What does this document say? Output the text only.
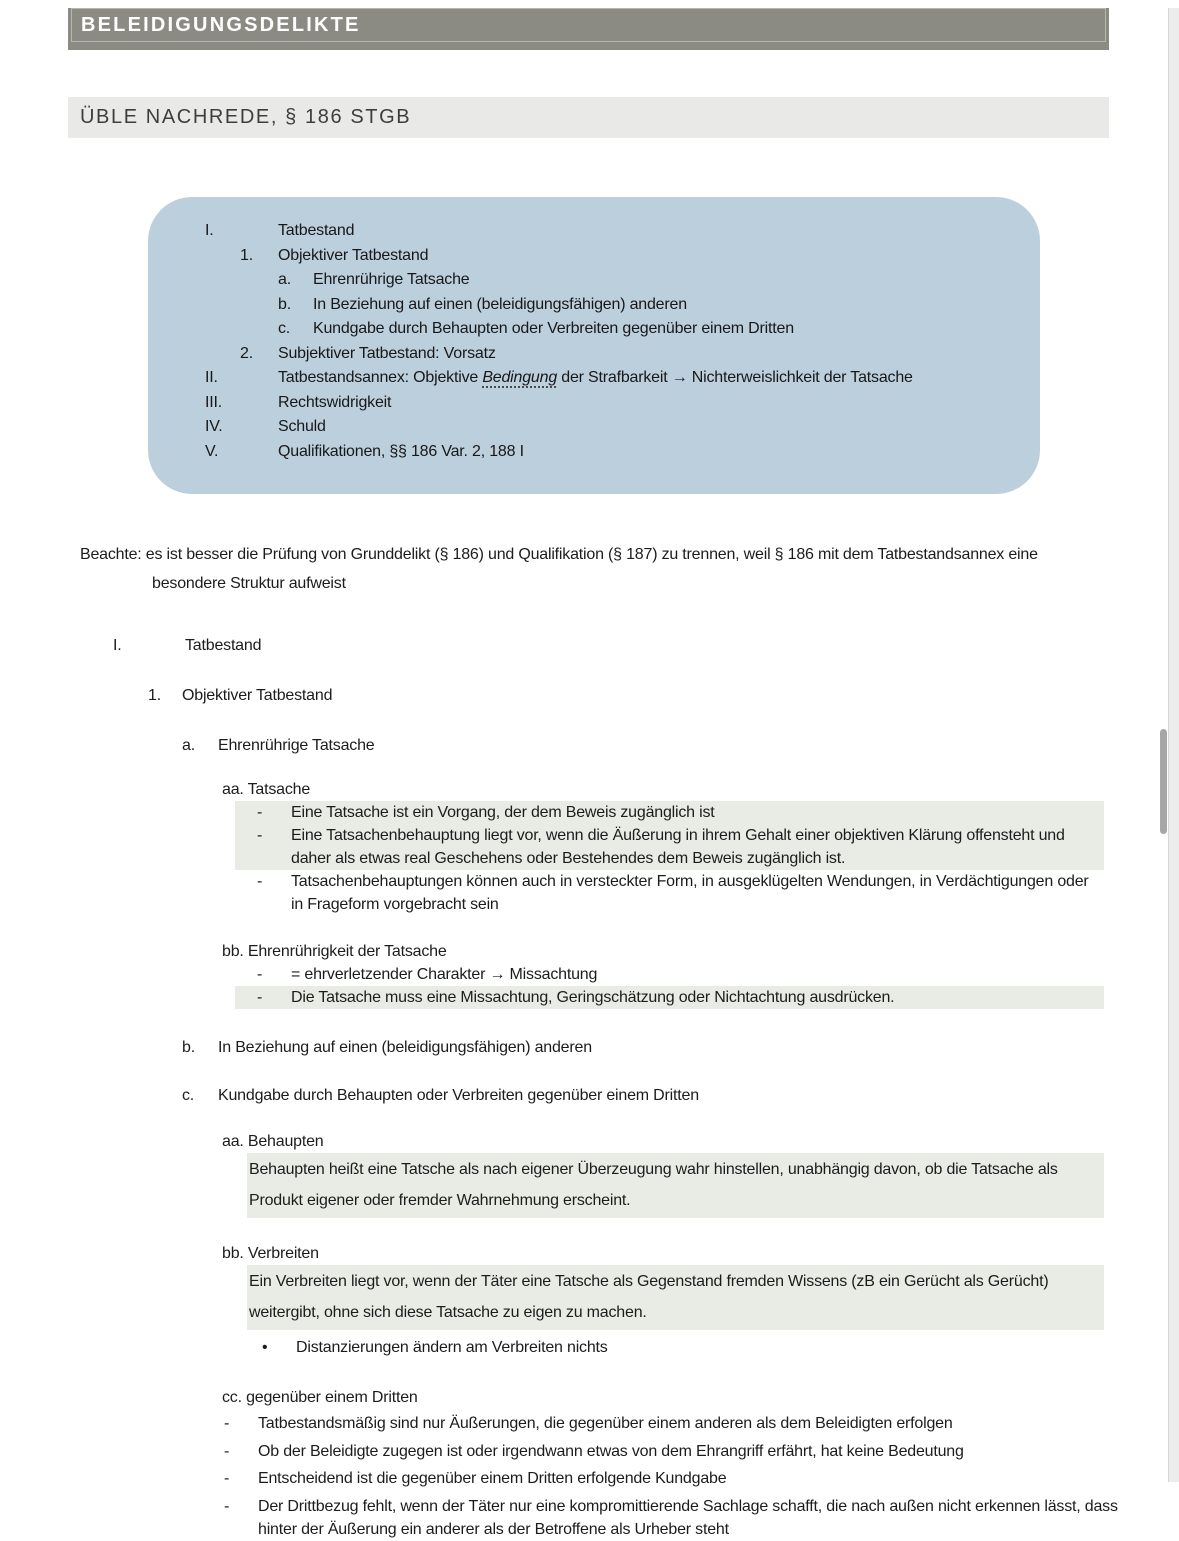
BELEIDIGUNGSDELIKTE
ÜBLE NACHREDE, § 186 STGB
I.	Tatbestand
1.	Objektiver Tatbestand
a.	Ehrenrührige Tatsache
b.	In Beziehung auf einen (beleidigungsfähigen) anderen
c.	Kundgabe durch Behaupten oder Verbreiten gegenüber einem Dritten
2.	Subjektiver Tatbestand: Vorsatz
II.	Tatbestandsannex: Objektive Bedingung der Strafbarkeit → Nichterweislichkeit der Tatsache
III.	Rechtswidrigkeit
IV.	Schuld
V.	Qualifikationen, §§ 186 Var. 2, 188 I

Beachte: es ist besser die Prüfung von Grunddelikt (§ 186) und Qualifikation (§ 187) zu trennen, weil § 186 mit dem Tatbestandsannex eine besondere Struktur aufweist

I.	Tatbestand
1.	Objektiver Tatbestand
a.	Ehrenrührige Tatsache
aa. Tatsache
-	Eine Tatsache ist ein Vorgang, der dem Beweis zugänglich ist
-	Eine Tatsachenbehauptung liegt vor, wenn die Äußerung in ihrem Gehalt einer objektiven Klärung offensteht und daher als etwas real Geschehens oder Bestehendes dem Beweis zugänglich ist.
-	Tatsachenbehauptungen können auch in versteckter Form, in ausgeklügelten Wendungen, in Verdächtigungen oder in Frageform vorgebracht sein
bb. Ehrenrührigkeit der Tatsache
-	= ehrverletzender Charakter → Missachtung
-	Die Tatsache muss eine Missachtung, Geringschätzung oder Nichtachtung ausdrücken.
b.	In Beziehung auf einen (beleidigungsfähigen) anderen
c.	Kundgabe durch Behaupten oder Verbreiten gegenüber einem Dritten
aa. Behaupten
Behaupten heißt eine Tatsche als nach eigener Überzeugung wahr hinstellen, unabhängig davon, ob die Tatsache als Produkt eigener oder fremder Wahrnehmung erscheint.
bb. Verbreiten
Ein Verbreiten liegt vor, wenn der Täter eine Tatsche als Gegenstand fremden Wissens (zB ein Gerücht als Gerücht) weitergibt, ohne sich diese Tatsache zu eigen zu machen.
•	Distanzierungen ändern am Verbreiten nichts
cc. gegenüber einem Dritten
-	Tatbestandsmäßig sind nur Äußerungen, die gegenüber einem anderen als dem Beleidigten erfolgen
-	Ob der Beleidigte zugegen ist oder irgendwann etwas von dem Ehrangriff erfährt, hat keine Bedeutung
-	Entscheidend ist die gegenüber einem Dritten erfolgende Kundgabe
-	Der Drittbezug fehlt, wenn der Täter nur eine kompromittierende Sachlage schafft, die nach außen nicht erkennen lässt, dass hinter der Äußerung ein anderer als der Betroffene als Urheber steht
